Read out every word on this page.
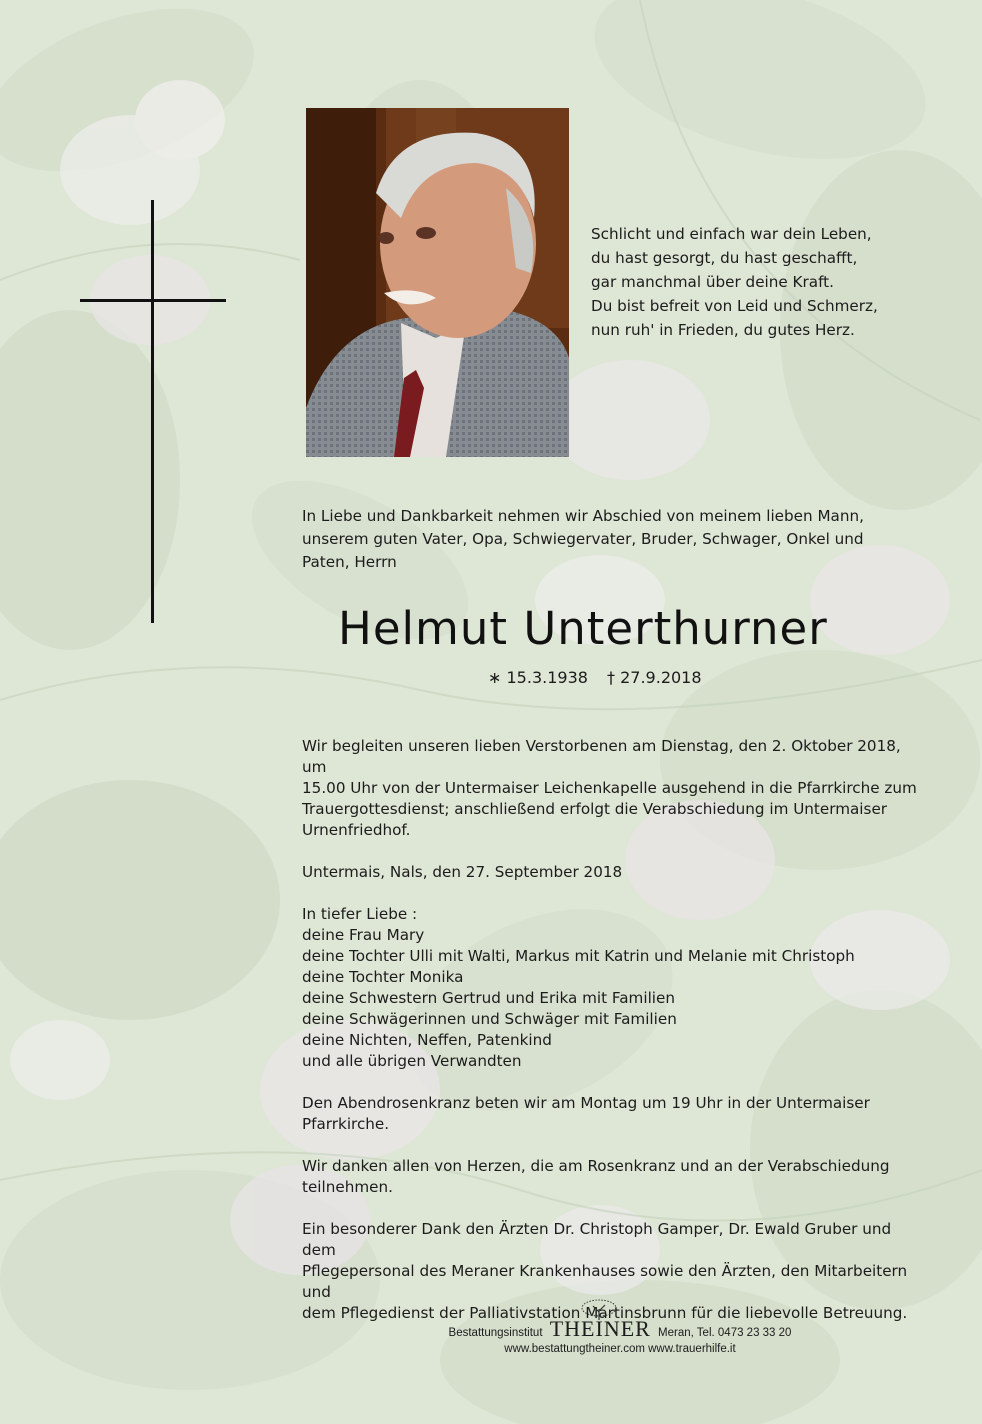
Schlicht und einfach war dein Leben,
du hast gesorgt, du hast geschafft,
gar manchmal über deine Kraft.
Du bist befreit von Leid und Schmerz,
nun ruh' in Frieden, du gutes Herz.
In Liebe und Dankbarkeit nehmen wir Abschied von meinem lieben Mann,
unserem guten Vater, Opa, Schwiegervater, Bruder, Schwager, Onkel und
Paten, Herrn
Helmut Unterthurner
∗ 15.3.1938 † 27.9.2018

Wir begleiten unseren lieben Verstorbenen am Dienstag, den 2. Oktober 2018, um

15.00 Uhr von der Untermaiser Leichenkapelle ausgehend in die Pfarrkirche zum

Trauergottesdienst; anschließend erfolgt die Verabschiedung im Untermaiser

Urnenfriedhof.

Untermais, Nals, den 27. September 2018

In tiefer Liebe :

deine Frau Mary

deine Tochter Ulli mit Walti, Markus mit Katrin und Melanie mit Christoph

deine Tochter Monika

deine Schwestern Gertrud und Erika mit Familien

deine Schwägerinnen und Schwäger mit Familien

deine Nichten, Neffen, Patenkind

und alle übrigen Verwandten

Den Abendrosenkranz beten wir am Montag um 19 Uhr in der Untermaiser

Pfarrkirche.

Wir danken allen von Herzen, die am Rosenkranz und an der Verabschiedung

teilnehmen.

Ein besonderer Dank den Ärzten Dr. Christoph Gamper, Dr. Ewald Gruber und dem

Pflegepersonal des Meraner Krankenhauses sowie den Ärzten, den Mitarbeitern und

dem Pflegedienst der Palliativstation Martinsbrunn für die liebevolle Betreuung.

Bestattungsinstitut THEINER Meran, Tel. 0473 23 33 20
www.bestattungtheiner.com www.trauerhilfe.it
